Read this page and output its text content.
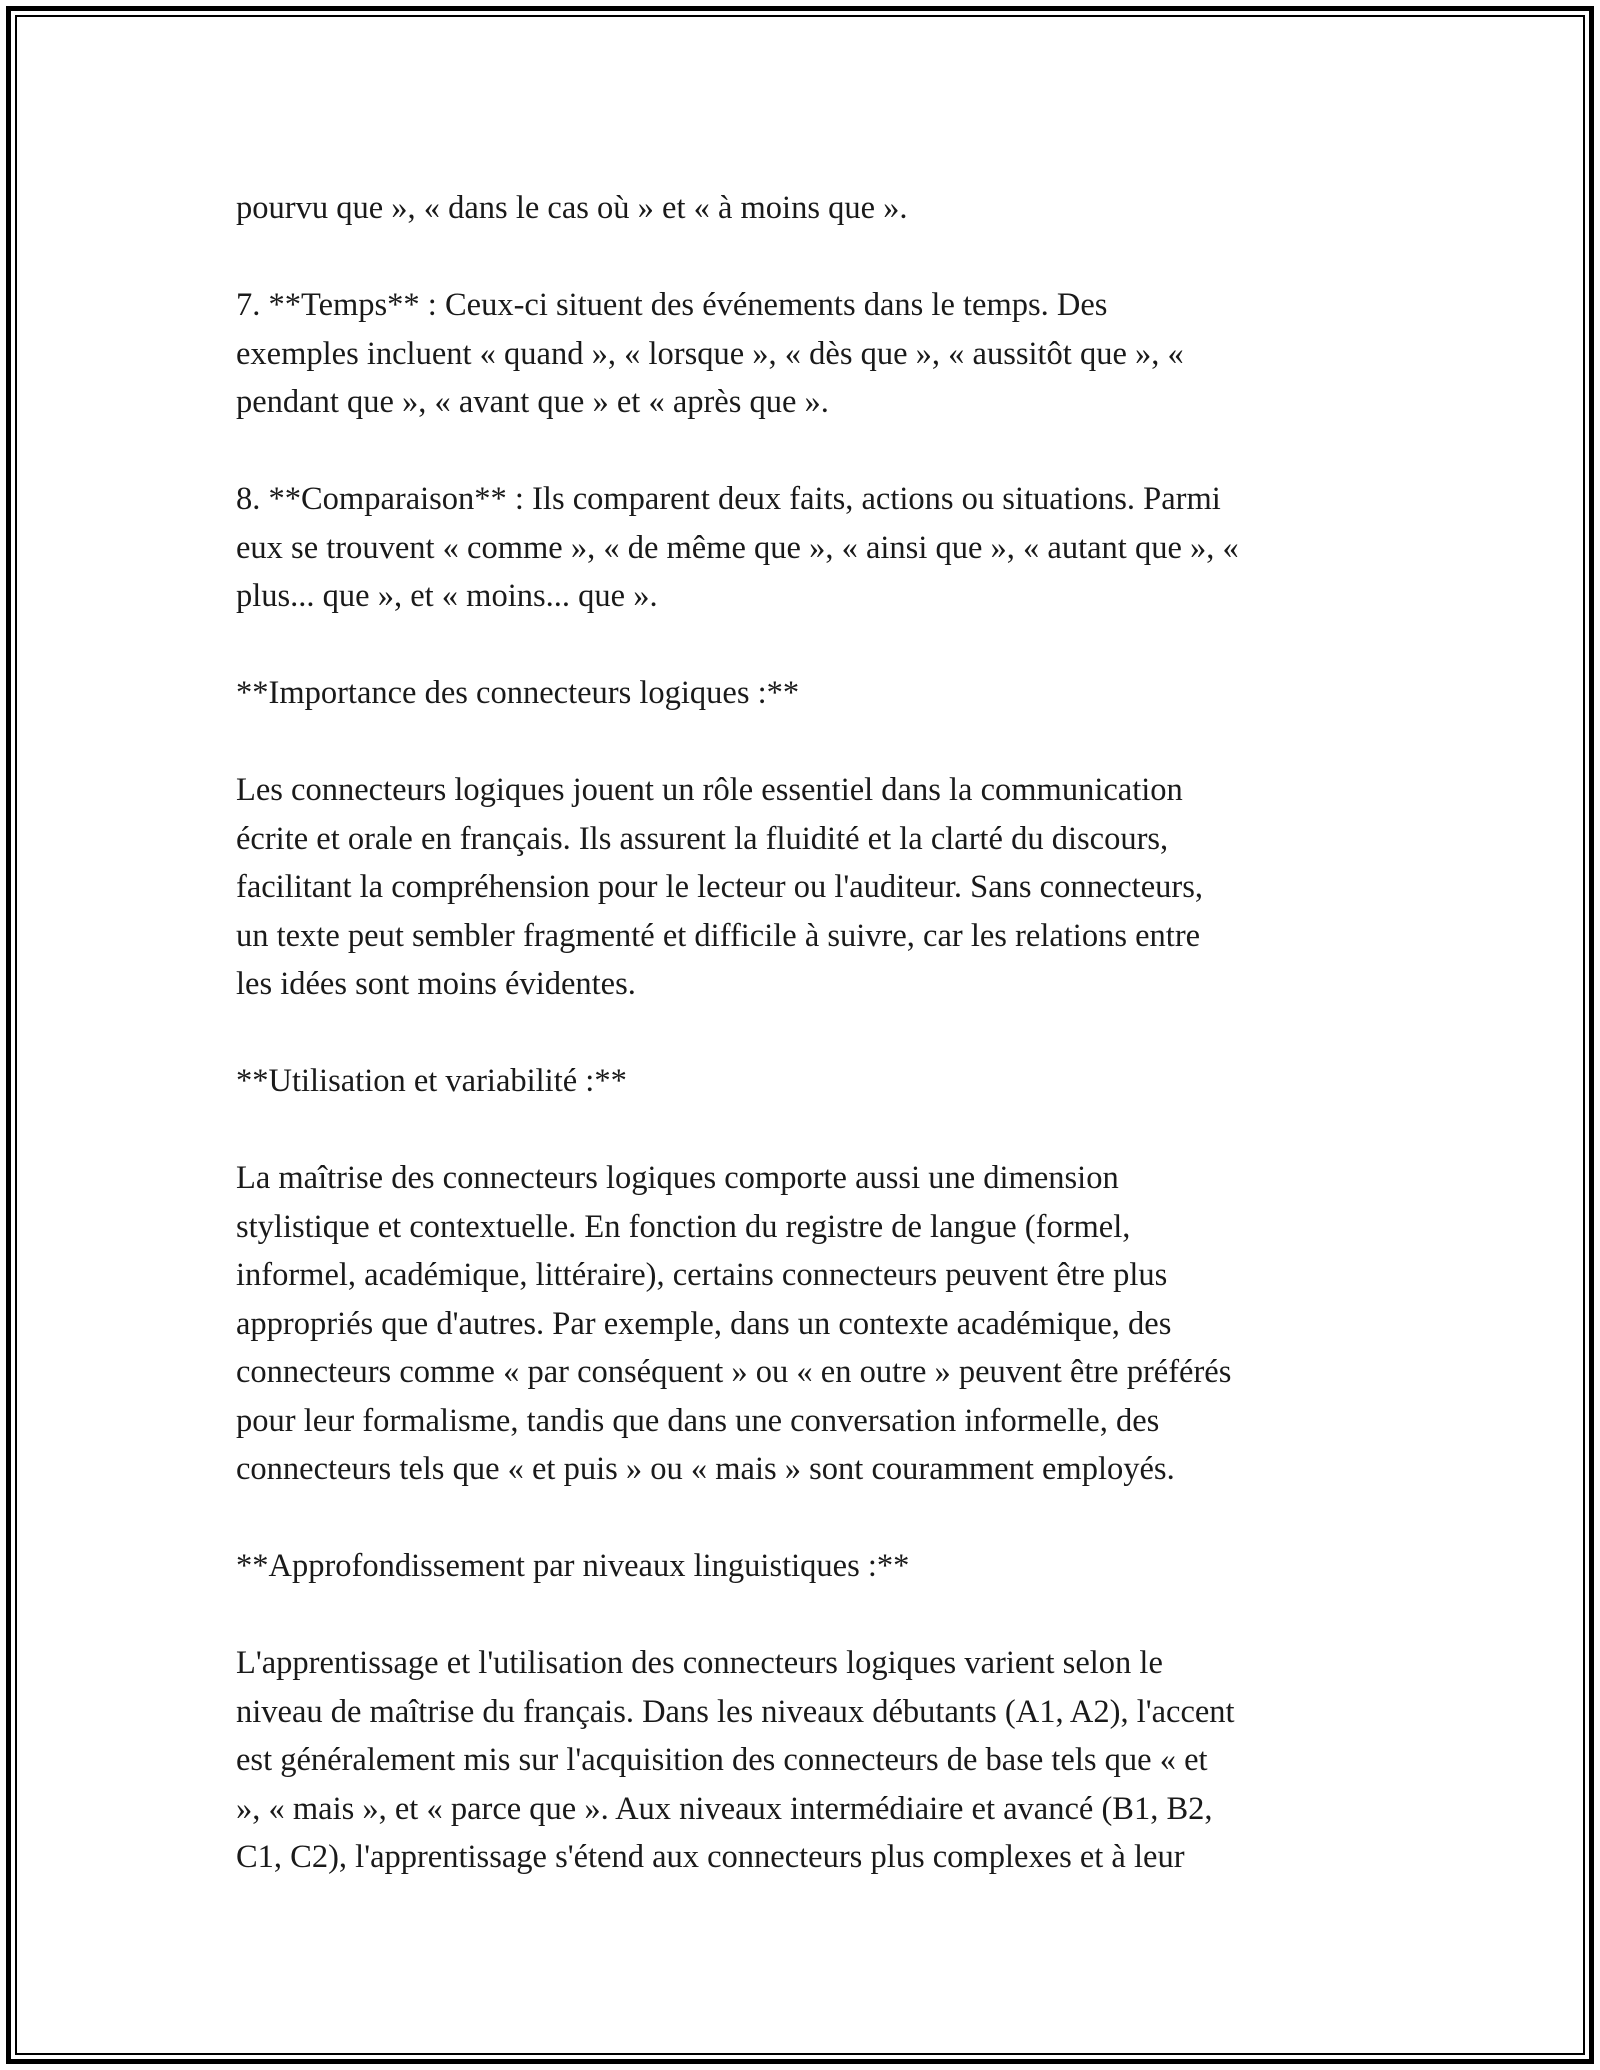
pourvu que », « dans le cas où » et « à moins que ».
7. **Temps** : Ceux-ci situent des événements dans le temps. Des
exemples incluent « quand », « lorsque », « dès que », « aussitôt que », «
pendant que », « avant que » et « après que ».
8. **Comparaison** : Ils comparent deux faits, actions ou situations. Parmi
eux se trouvent « comme », « de même que », « ainsi que », « autant que », «
plus... que », et « moins... que ».
**Importance des connecteurs logiques :**
Les connecteurs logiques jouent un rôle essentiel dans la communication
écrite et orale en français. Ils assurent la fluidité et la clarté du discours,
facilitant la compréhension pour le lecteur ou l'auditeur. Sans connecteurs,
un texte peut sembler fragmenté et difficile à suivre, car les relations entre
les idées sont moins évidentes.
**Utilisation et variabilité :**
La maîtrise des connecteurs logiques comporte aussi une dimension
stylistique et contextuelle. En fonction du registre de langue (formel,
informel, académique, littéraire), certains connecteurs peuvent être plus
appropriés que d'autres. Par exemple, dans un contexte académique, des
connecteurs comme « par conséquent » ou « en outre » peuvent être préférés
pour leur formalisme, tandis que dans une conversation informelle, des
connecteurs tels que « et puis » ou « mais » sont couramment employés.
**Approfondissement par niveaux linguistiques :**
L'apprentissage et l'utilisation des connecteurs logiques varient selon le
niveau de maîtrise du français. Dans les niveaux débutants (A1, A2), l'accent
est généralement mis sur l'acquisition des connecteurs de base tels que « et
», « mais », et « parce que ». Aux niveaux intermédiaire et avancé (B1, B2,
C1, C2), l'apprentissage s'étend aux connecteurs plus complexes et à leur
